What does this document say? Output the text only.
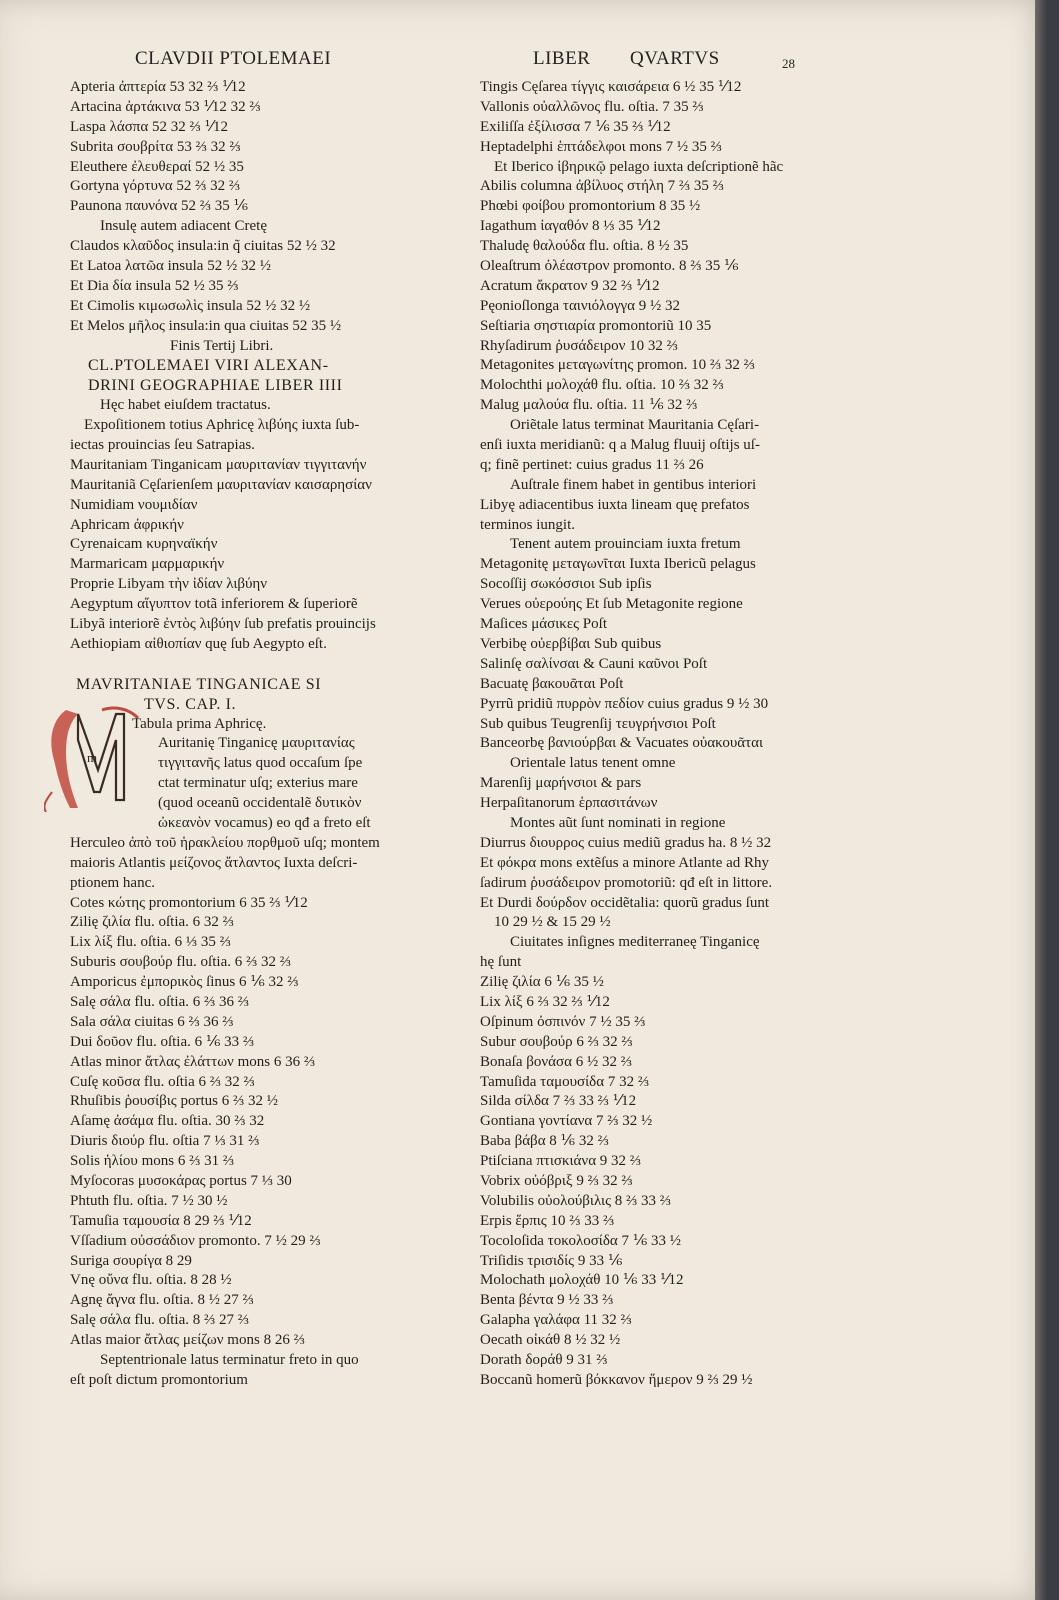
CLAVDII PTOLEMAEI	LIBER QVARTVS	28
m
Apteria ἀπτερία 53 32 ⅔ ⅟12
Artacina ἀρτάκινα 53 ⅟12 32 ⅔
Laspa λάσπα 52 32 ⅔ ⅟12
Subrita σουβρίτα 53 ⅔ 32 ⅔
Eleuthere ἐλευθεραί 52 ½ 35
Gortyna γόρτυνα 52 ⅔ 32 ⅔
Paunona παυνόνα 52 ⅔ 35 ⅙
Insulę autem adiacent Cretę
Claudos κλαῦδος insula:in q̃ ciuitas 52 ½ 32
Et Latoa λατῶα insula 52 ½ 32 ½
Et Dia δία insula 52 ½ 35 ⅔
Et Cimolis κιμωσωλὶς insula 52 ½ 32 ½
Et Melos μῆλος insula:in qua ciuitas 52 35 ½
Finis Tertij Libri.
CL.PTOLEMAEI VIRI ALEXAN-
DRINI GEOGRAPHIAE LIBER IIII
Hęc habet eiuſdem tractatus.
Expoſitionem totius Aphricę λιβύης iuxta ſub-
iectas prouincias ſeu Satrapias.
Mauritaniam Tinganicam μαυριτανίαν τιγγιτανήν
Mauritaniã Cęſarienſem μαυριτανίαν καισαρησίαν
Numidiam νουμιδίαν
Aphricam ἀφρικήν
Cyrenaicam κυρηναϊκήν
Marmaricam μαρμαρικήν
Proprie Libyam τὴν ἰδίαν λιβύην
Aegyptum αἴγυπτον totã inferiorem & ſuperiorẽ
Libyã interiorẽ ἐντὸς λιβύην ſub prefatis prouincijs
Aethiopiam αἰθιοπίαν quę ſub Aegypto eſt.
MAVRITANIAE TINGANICAE SI
TVS. CAP. I.
Tabula prima Aphricę.
Auritanię Tinganicę μαυριτανίας
τιγγιτανῆς latus quod occaſum ſpe
ctat terminatur uſq; exterius mare
(quod oceanũ occidentalẽ δυτικὸν
ὠκεανὸν vocamus) eo qđ a freto eſt
Herculeo ἀπὸ τοῦ ἡρακλείου πορθμοῦ uſq; montem
maioris Atlantis μείζονος ἄτλαντος Iuxta deſcri-
ptionem hanc.
Cotes κώτης promontorium 6 35 ⅔ ⅟12
Zilię ζιλία flu. oſtia. 6 32 ⅔
Lix λίξ flu. oſtia. 6 ⅓ 35 ⅔
Suburis σουβούρ flu. oſtia. 6 ⅔ 32 ⅔
Amporicus ἐμπορικὸς ſinus 6 ⅙ 32 ⅔
Salę σάλα flu. oſtia. 6 ⅔ 36 ⅔
Sala σάλα ciuitas 6 ⅔ 36 ⅔
Dui δοῦον flu. oſtia. 6 ⅙ 33 ⅔
Atlas minor ἄτλας ἐλάττων mons 6 36 ⅔
Cuſę κοῦσα flu. oſtia 6 ⅔ 32 ⅔
Rhuſibis ῥουσίβις portus 6 ⅔ 32 ½
Aſamę ἀσάμα flu. oſtia. 30 ⅔ 32
Diuris διούρ flu. oſtia 7 ⅓ 31 ⅔
Solis ἡλίου mons 6 ⅔ 31 ⅔
Myſocoras μυσοκάρας portus 7 ⅓ 30
Phtuth flu. oſtia. 7 ½ 30 ½
Tamuſia ταμουσία 8 29 ⅔ ⅟12
Vſſadium οὐσσάδιον promonto. 7 ½ 29 ⅔
Suriga σουρίγα 8 29
Vnę οὔνα flu. oſtia. 8 28 ½
Agnę ἄγνα flu. oſtia. 8 ½ 27 ⅔
Salę σάλα flu. oſtia. 8 ⅔ 27 ⅔
Atlas maior ἄτλας μείζων mons 8 26 ⅔
Septentrionale latus terminatur freto in quo
eſt poſt dictum promontorium
Tingis Cęſarea τίγγις καισάρεια 6 ½ 35 ⅟12
Vallonis οὐαλλῶνος flu. oſtia. 7 35 ⅔
Exiliſſa ἐξίλισσα 7 ⅙ 35 ⅔ ⅟12
Heptadelphi ἑπτάδελφοι mons 7 ½ 35 ⅔
Et Iberico ἰβηρικῷ pelago iuxta deſcriptionẽ hãc
Abilis columna ἀβίλυος στήλη 7 ⅔ 35 ⅔
Phœbi φοίβου promontorium 8 35 ½
Iagathum ἰαγαθόν 8 ⅓ 35 ⅟12
Thaludę θαλούδα flu. oſtia. 8 ½ 35
Oleaſtrum ὀλέαστρον promonto. 8 ⅔ 35 ⅙
Acratum ἄκρατον 9 32 ⅔ ⅟12
Pęonioſlonga ταινιόλογγα 9 ½ 32
Seſtiaria σηστιαρία promontoriũ 10 35
Rhyſadirum ῥυσάδειρον 10 32 ⅔
Metagonites μεταγωνίτης promon. 10 ⅔ 32 ⅔
Molochthi μολοχάθ flu. oſtia. 10 ⅔ 32 ⅔
Malug μαλούα flu. oſtia. 11 ⅙ 32 ⅔
Oriẽtale latus terminat Mauritania Cęſari-
enſi iuxta meridianũ: q a Malug fluuij oſtijs uſ-
q; finẽ pertinet: cuius gradus 11 ⅔ 26
Auſtrale finem habet in gentibus interiori
Libyę adiacentibus iuxta lineam quę prefatos
terminos iungit.
Tenent autem prouinciam iuxta fretum
Metagonitę μεταγωνῖται Iuxta Ibericũ pelagus
Socoſſij σωκόσσιοι Sub ipſis
Verues οὐερούης Et ſub Metagonite regione
Maſices μάσικες Poſt
Verbibę οὐερβίβαι Sub quibus
Salinſę σαλίνσαι & Cauni καῦνοι Poſt
Bacuatę βακουᾶται Poſt
Pyrrũ pridiũ πυρρὸν πεδίον cuius gradus 9 ½ 30
Sub quibus Teugrenſij τευγρήνσιοι Poſt
Banceorbę βανιούρβαι & Vacuates οὐακουᾶται
Orientale latus tenent omne
Marenſij μαρήνσιοι & pars
Herpaſitanorum ἑρπασιτάνων
Montes aũt ſunt nominati in regione
Diurrus διουρρος cuius mediũ gradus ha. 8 ½ 32
Et φόκρα mons extẽſus a minore Atlante ad Rhy
ſadirum ῥυσάδειρον promotoriũ: qđ eſt in littore.
Et Durdi δούρδον occidẽtalia: quorũ gradus ſunt
10 29 ½ & 15 29 ½
Ciuitates inſignes mediterraneę Tinganicę
hę ſunt
Zilię ζιλία 6 ⅙ 35 ½
Lix λίξ 6 ⅔ 32 ⅔ ⅟12
Oſpinum ὀσπινόν 7 ½ 35 ⅔
Subur σουβούρ 6 ⅔ 32 ⅔
Bonaſa βονάσα 6 ½ 32 ⅔
Tamuſida ταμουσίδα 7 32 ⅔
Silda σίλδα 7 ⅔ 33 ⅔ ⅟12
Gontiana γοντίανα 7 ⅔ 32 ½
Baba βάβα 8 ⅙ 32 ⅔
Ptiſciana πτισκιάνα 9 32 ⅔
Vobrix οὐόβριξ 9 ⅔ 32 ⅔
Volubilis οὐολούβιλις 8 ⅔ 33 ⅔
Erpis ἕρπις 10 ⅔ 33 ⅔
Tocoloſida τοκολοσίδα 7 ⅙ 33 ½
Triſidis τρισιδίς 9 33 ⅙
Molochath μολοχάθ 10 ⅙ 33 ⅟12
Benta βέντα 9 ½ 33 ⅔
Galapha γαλάφα 11 32 ⅔
Oecath οἰκάθ 8 ½ 32 ½
Dorath δοράθ 9 31 ⅔
Boccanũ homerũ βόκκανον ἥμερον 9 ⅔ 29 ½
